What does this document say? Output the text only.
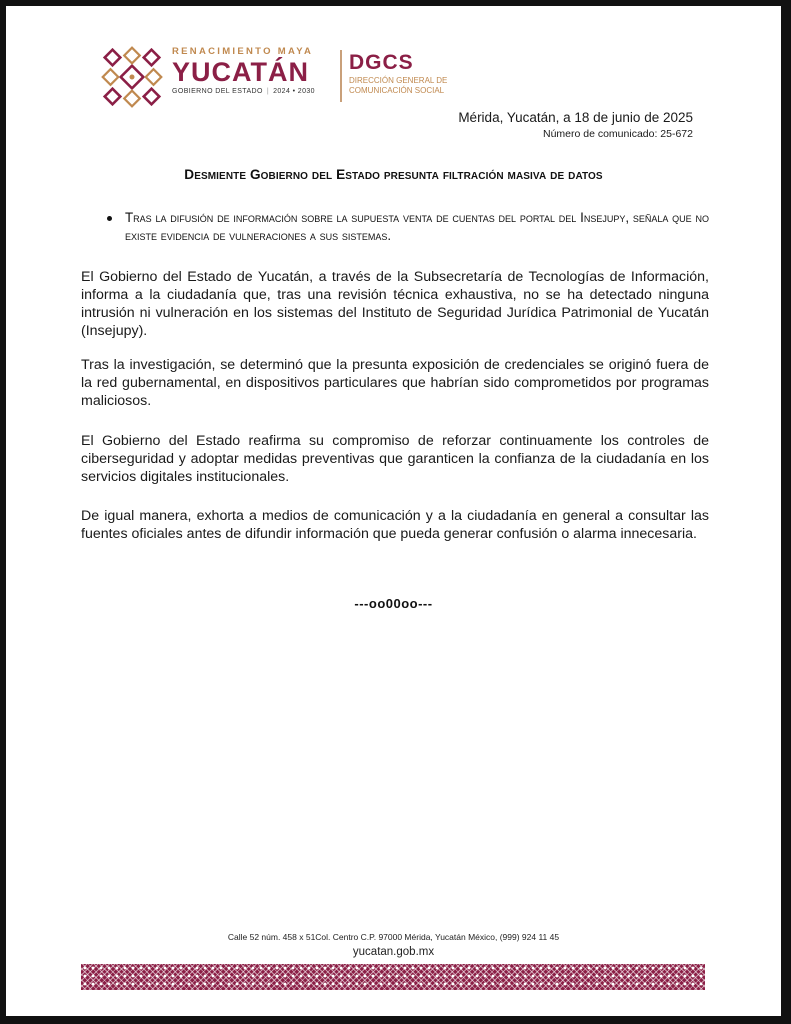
RENACIMIENTO MAYA
YUCATÁN
GOBIERNO DEL ESTADO | 2024 • 2030
DGCS
DIRECCIÓN GENERAL DE
COMUNICACIÓN SOCIAL
Mérida, Yucatán, a 18 de junio de 2025
Número de comunicado: 25-672
Desmiente Gobierno del Estado presunta filtración masiva de datos
Tras la difusión de información sobre la supuesta venta de cuentas del portal del Insejupy, señala que no existe evidencia de vulneraciones a sus sistemas.
El Gobierno del Estado de Yucatán, a través de la Subsecretaría de Tecnologías de Información, informa a la ciudadanía que, tras una revisión técnica exhaustiva, no se ha detectado ninguna intrusión ni vulneración en los sistemas del Instituto de Seguridad Jurídica Patrimonial de Yucatán (Insejupy).
Tras la investigación, se determinó que la presunta exposición de credenciales se originó fuera de la red gubernamental, en dispositivos particulares que habrían sido comprometidos por programas maliciosos.
El Gobierno del Estado reafirma su compromiso de reforzar continuamente los controles de ciberseguridad y adoptar medidas preventivas que garanticen la confianza de la ciudadanía en los servicios digitales institucionales.
De igual manera, exhorta a medios de comunicación y a la ciudadanía en general a consultar las fuentes oficiales antes de difundir información que pueda generar confusión o alarma innecesaria.
---oo00oo---
Calle 52 núm. 458 x 51Col. Centro C.P. 97000 Mérida, Yucatán México, (999) 924 11 45
yucatan.gob.mx
